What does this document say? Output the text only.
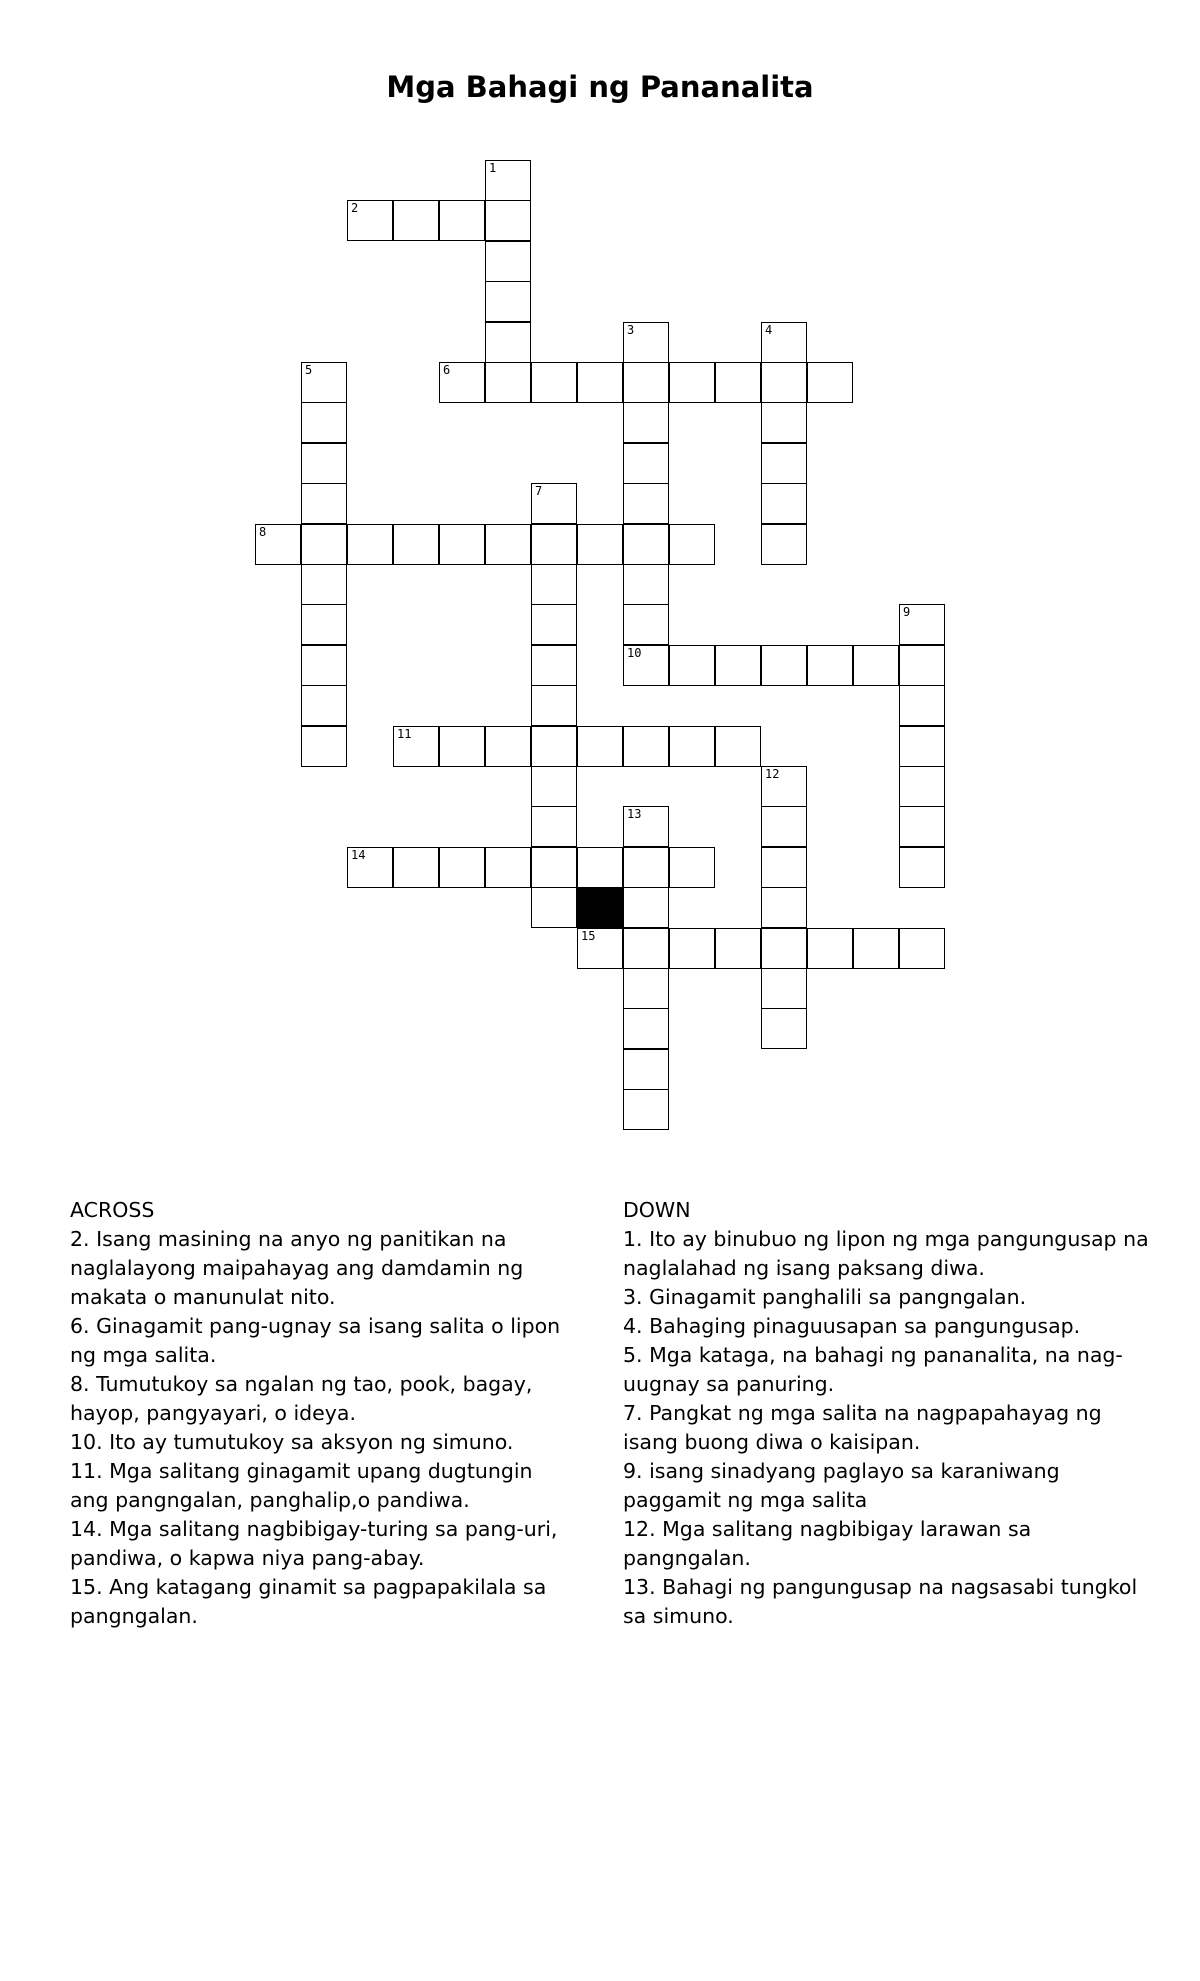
Mga Bahagi ng Pananalita
1
2
3
10
4
5	6
7
8
9
11
12
13
14
15

ACROSS

2. Isang masining na anyo ng panitikan na naglalayong maipahayag ang damdamin ng makata o manunulat nito.

6. Ginagamit pang-ugnay sa isang salita o lipon ng mga salita.

8. Tumutukoy sa ngalan ng tao, pook, bagay, hayop, pangyayari, o ideya.

10. Ito ay tumutukoy sa aksyon ng simuno.

11. Mga salitang ginagamit upang dugtungin ang pangngalan, panghalip,o pandiwa.

14. Mga salitang nagbibigay-turing sa pang-uri, pandiwa, o kapwa niya pang-abay.

15. Ang katagang ginamit sa pagpapakilala sa pangngalan.

DOWN

1. Ito ay binubuo ng lipon ng mga pangungusap na naglalahad ng isang paksang diwa.

3. Ginagamit panghalili sa pangngalan.

4. Bahaging pinaguusapan sa pangungusap.

5. Mga kataga, na bahagi ng pananalita, na nag-uugnay sa panuring.

7. Pangkat ng mga salita na nagpapahayag ng isang buong diwa o kaisipan.

9. isang sinadyang paglayo sa karaniwang paggamit ng mga salita

12. Mga salitang nagbibigay larawan sa pangngalan.

13. Bahagi ng pangungusap na nagsasabi tungkol sa simuno.
